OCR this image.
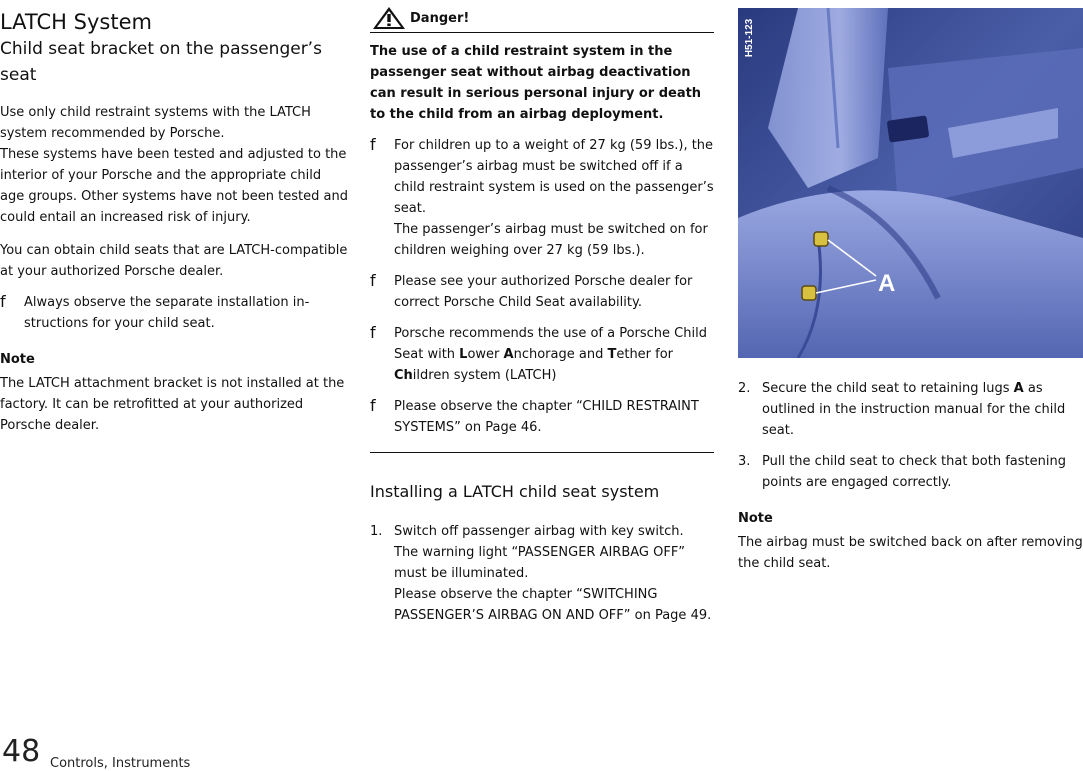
LATCH System
Child seat bracket on the passenger’s seat

Use only child restraint systems with the LATCH system recommended by Porsche.

These systems have been tested and adjusted to the interior of your Porsche and the appropriate child age groups. Other systems have not been tested and could entail an increased risk of injury.

You can obtain child seats that are LATCH-compatible at your authorized Porsche dealer.

f	Always observe the separate installation in-structions for your child seat.
Note

The LATCH attachment bracket is not installed at the factory. It can be retrofitted at your authorized Porsche dealer.

Danger!
The use of a child restraint system in the passenger seat without airbag deactivation can result in serious personal injury or death to the child from an airbag deployment.
f	For children up to a weight of 27 kg (59 lbs.), the passenger’s airbag must be switched off if a child restraint system is used on the passenger’s seat.
The passenger’s airbag must be switched on for children weighing over 27 kg (59 lbs.).
f	Please see your authorized Porsche dealer for correct Porsche Child Seat availability.
f	Porsche recommends the use of a Porsche Child Seat with Lower Anchorage and Tether for Children system (LATCH)
f	Please observe the chapter “CHILD RESTRAINT SYSTEMS” on Page 46.
Installing a LATCH child seat system
1. Switch off passenger airbag with key switch.
The warning light “PASSENGER AIRBAG OFF” must be illuminated.
Please observe the chapter “SWITCHING PASSENGER’S AIRBAG ON AND OFF” on Page 49.
A
H51-123
2. Secure the child seat to retaining lugs A as outlined in the instruction manual for the child seat.
3. Pull the child seat to check that both fastening points are engaged correctly.
Note

The airbag must be switched back on after removing the child seat.

48 Controls, Instruments
